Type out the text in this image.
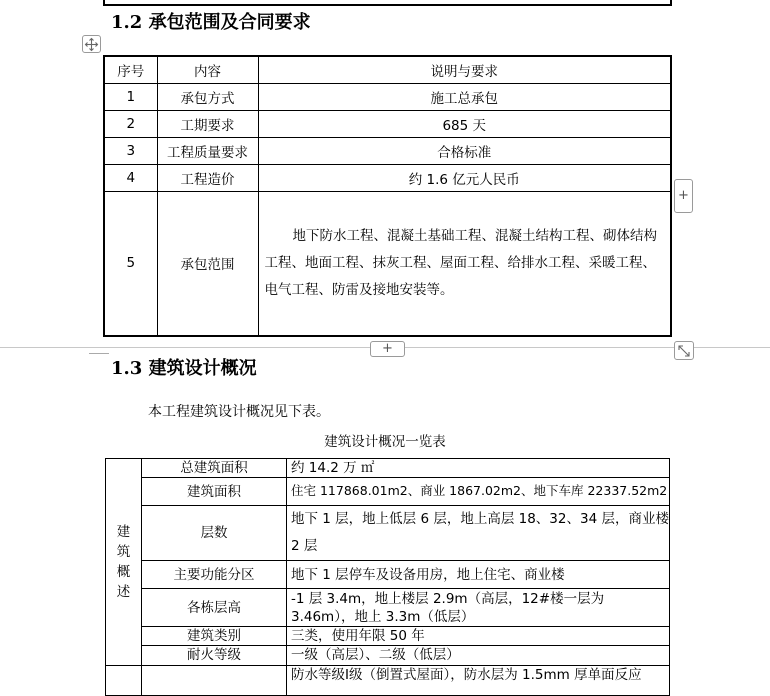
1.2 承包范围及合同要求
序号	内容	说明与要求
1	承包方式	施工总承包
2	工期要求	685 天
3	工程质量要求	合格标准
4	工程造价	约 1.6 亿元人民币
5	承包范围	地下防水工程、混凝土基础工程、混凝土结构工程、砌体结构工程、地面工程、抹灰工程、屋面工程、给排水工程、采暖工程、电气工程、防雷及接地安装等。
+
+
1.3 建筑设计概况
本工程建筑设计概况见下表。
建筑设计概况一览表
建筑概述	总建筑面积	约 14.2 万 ㎡
	建筑面积	住宅 117868.01m2、商业 1867.02m2、地下车库 22337.52m2
	层数	地下 1 层，地上低层 6 层，地上高层 18、32、34 层，商业楼 2 层
	主要功能分区	地下 1 层停车及设备用房，地上住宅、商业楼
	各栋层高	-1 层 3.4m，地上楼层 2.9m（高层，12#楼一层为 3.46m），地上 3.3m（低层）
	建筑类别	三类，使用年限 50 年
	耐火等级	一级（高层）、二级（低层）
		防水等级Ⅰ级（倒置式屋面），防水层为 1.5mm 厚单面反应
